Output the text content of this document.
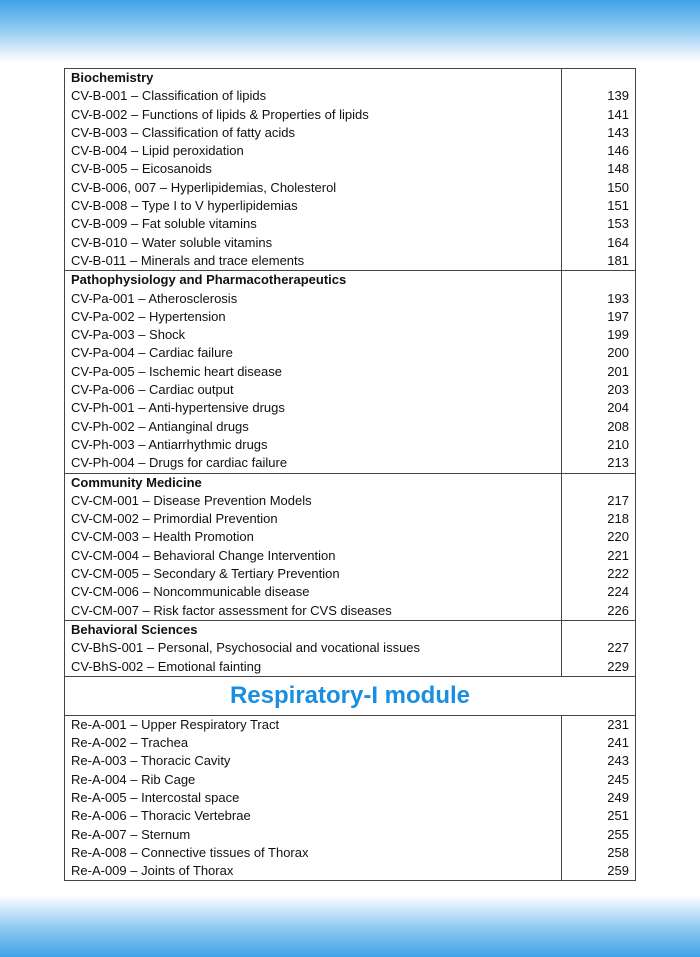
Biochemistry	
CV-B-001 – Classification of lipids	139
CV-B-002 – Functions of lipids & Properties of lipids	141
CV-B-003 – Classification of fatty acids	143
CV-B-004 – Lipid peroxidation	146
CV-B-005 – Eicosanoids	148
CV-B-006, 007 – Hyperlipidemias, Cholesterol	150
CV-B-008 – Type I to V hyperlipidemias	151
CV-B-009 – Fat soluble vitamins	153
CV-B-010 – Water soluble vitamins	164
CV-B-011 – Minerals and trace elements	181
Pathophysiology and Pharmacotherapeutics	
CV-Pa-001 – Atherosclerosis	193
CV-Pa-002 – Hypertension	197
CV-Pa-003 – Shock	199
CV-Pa-004 – Cardiac failure	200
CV-Pa-005 – Ischemic heart disease	201
CV-Pa-006 – Cardiac output	203
CV-Ph-001 – Anti-hypertensive drugs	204
CV-Ph-002 – Antianginal drugs	208
CV-Ph-003 – Antiarrhythmic drugs	210
CV-Ph-004 – Drugs for cardiac failure	213
Community Medicine	
CV-CM-001 – Disease Prevention Models	217
CV-CM-002 – Primordial Prevention	218
CV-CM-003 – Health Promotion	220
CV-CM-004 – Behavioral Change Intervention	221
CV-CM-005 – Secondary & Tertiary Prevention	222
CV-CM-006 – Noncommunicable disease	224
CV-CM-007 – Risk factor assessment for CVS diseases	226
Behavioral Sciences	
CV-BhS-001 – Personal, Psychosocial and vocational issues	227
CV-BhS-002 – Emotional fainting	229
Respiratory-I module	
Re-A-001 – Upper Respiratory Tract	231
Re-A-002 – Trachea	241
Re-A-003 – Thoracic Cavity	243
Re-A-004 – Rib Cage	245
Re-A-005 – Intercostal space	249
Re-A-006 – Thoracic Vertebrae	251
Re-A-007 – Sternum	255
Re-A-008 – Connective tissues of Thorax	258
Re-A-009 – Joints of Thorax	259
